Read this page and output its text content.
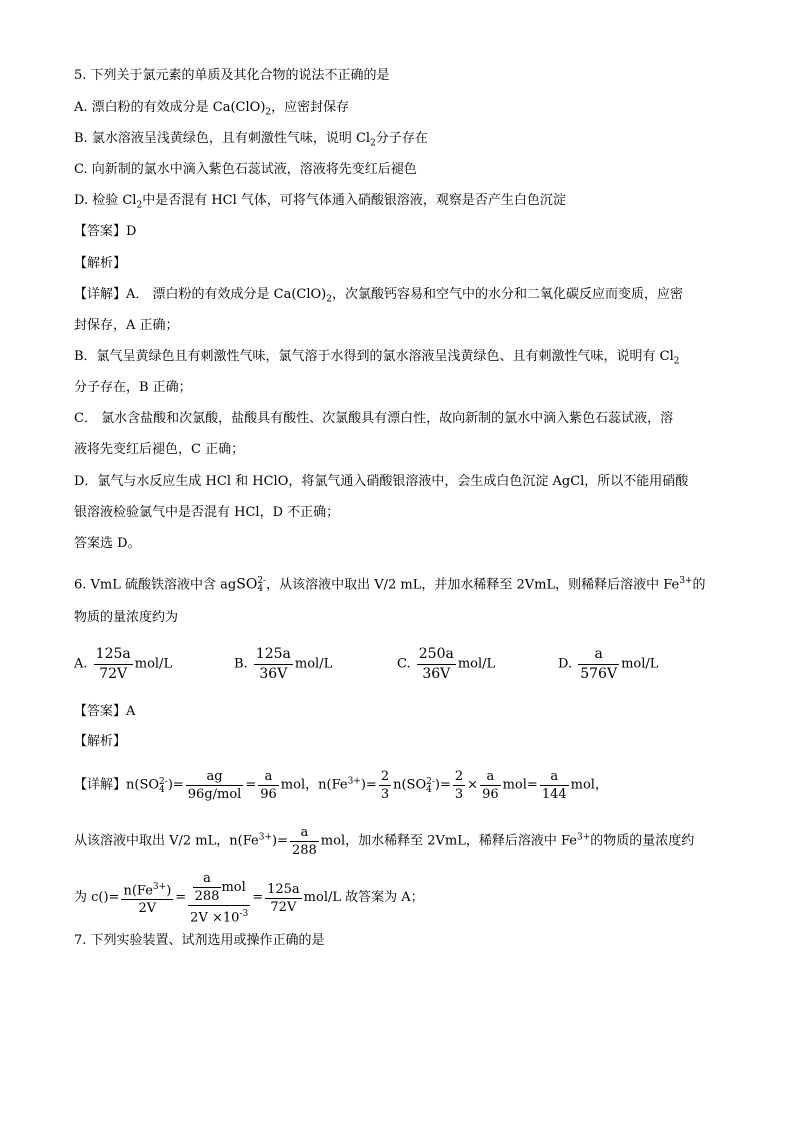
5. 下列关于氯元素的单质及其化合物的说法不正确的是
A. 漂白粉的有效成分是 $Ca(ClO)_2$，应密封保存
B. 氯水溶液呈浅黄绿色，且有刺激性气味，说明 $Cl_2$分子存在
C. 向新制的氯水中滴入紫色石蕊试液，溶液将先变红后褪色
D. 检验 $Cl_2$中是否混有 HCl 气体，可将气体通入硝酸银溶液，观察是否产生白色沉淀
【答案】D
【解析】
【详解】A． 漂白粉的有效成分是 $Ca(ClO)_2$，次氯酸钙容易和空气中的水分和二氧化碳反应而变质，应密
封保存，A 正确；
B．氯气呈黄绿色且有刺激性气味，氯气溶于水得到的氯水溶液呈浅黄绿色、且有刺激性气味，说明有 $Cl_2$
分子存在，B 正确；
C． 氯水含盐酸和次氯酸，盐酸具有酸性、次氯酸具有漂白性，故向新制的氯水中滴入紫色石蕊试液，溶
液将先变红后褪色，C 正确；
D．氯气与水反应生成 HCl 和 HClO，将氯气通入硝酸银溶液中，会生成白色沉淀 AgCl，所以不能用硝酸
银溶液检验氯气中是否混有 HCl，D 不正确；
答案选 D。
6. VmL 硫酸铁溶液中含 agSO 2-
4 ，从该溶液中取出 V/2 mL，并加水稀释至 2VmL，则稀释后溶液中 $Fe^{3+}$的
物质的量浓度约为
A. $\frac{125a}{72V} mol/L$	B. $\frac{125a}{36V} mol/L$	C. $\frac{250a}{36V} mol/L$	D. $\frac{a}{576V} mol/L$
【答案】A
【解析】
【详解】n(SO 2-
4 )= $\frac{ag}{\text{96g/mol}} = \frac{a}{96}$ mol，$n(Fe^{3+})= \frac{2}{3} n(SO$ 2-
4 )= $\frac{2}{3} \times \frac{a}{96} mol= \frac{a}{144}$ mol，
从该溶液中取出 V/2 mL，$n(Fe^{3+})= \frac{a}{288}$ mol，加水稀释至 2VmL，稀释后溶液中 $Fe^{3+}$的物质的量浓度约
为 $c()= \frac{n(Fe^{3+})}{2V} = \frac{\frac{a}{288} mol}{2V \times 10^{-3}} = \frac{125a}{72V} mol/L$ 故答案为 A；
7. 下列实验装置、试剂选用或操作正确的是
